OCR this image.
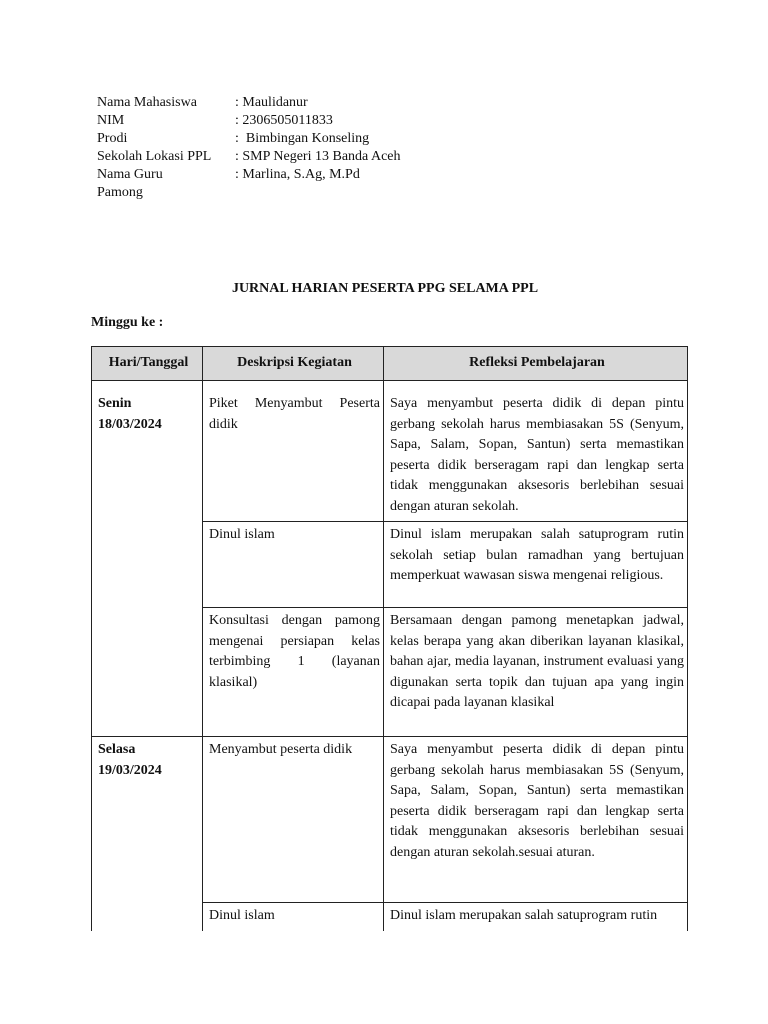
Nama Mahasiswa	: Maulidanur
NIM	: 2306505011833
Prodi	:  Bimbingan Konseling
Sekolah Lokasi PPL	: SMP Negeri 13 Banda Aceh
Nama Guru	: Marlina, S.Ag, M.Pd
Pamong
JURNAL HARIAN PESERTA PPG SELAMA PPL
Minggu ke :
Hari/Tanggal	Deskripsi Kegiatan	Refleksi Pembelajaran

Senin
18/03/2024	Piket Menyambut Peserta didik	Saya menyambut peserta didik di depan pintu gerbang sekolah harus membiasakan 5S (Senyum, Sapa, Salam, Sopan, Santun) serta memastikan peserta didik berseragam rapi dan lengkap serta tidak menggunakan aksesoris berlebihan sesuai dengan aturan sekolah.
	Dinul islam	Dinul islam merupakan salah satuprogram rutin sekolah setiap bulan ramadhan yang bertujuan memperkuat wawasan siswa mengenai religious.
	Konsultasi dengan pamong mengenai persiapan kelas terbimbing 1 (layanan klasikal)	Bersamaan dengan pamong menetapkan jadwal, kelas berapa yang akan diberikan layanan klasikal, bahan ajar, media layanan, instrument evaluasi yang digunakan serta topik dan tujuan apa yang ingin dicapai pada layanan klasikal

Selasa
19/03/2024	Menyambut peserta didik	Saya menyambut peserta didik di depan pintu gerbang sekolah harus membiasakan 5S (Senyum, Sapa, Salam, Sopan, Santun) serta memastikan peserta didik berseragam rapi dan lengkap serta tidak menggunakan aksesoris berlebihan sesuai dengan aturan sekolah.sesuai aturan.
	Dinul islam	Dinul islam merupakan salah satuprogram rutin
